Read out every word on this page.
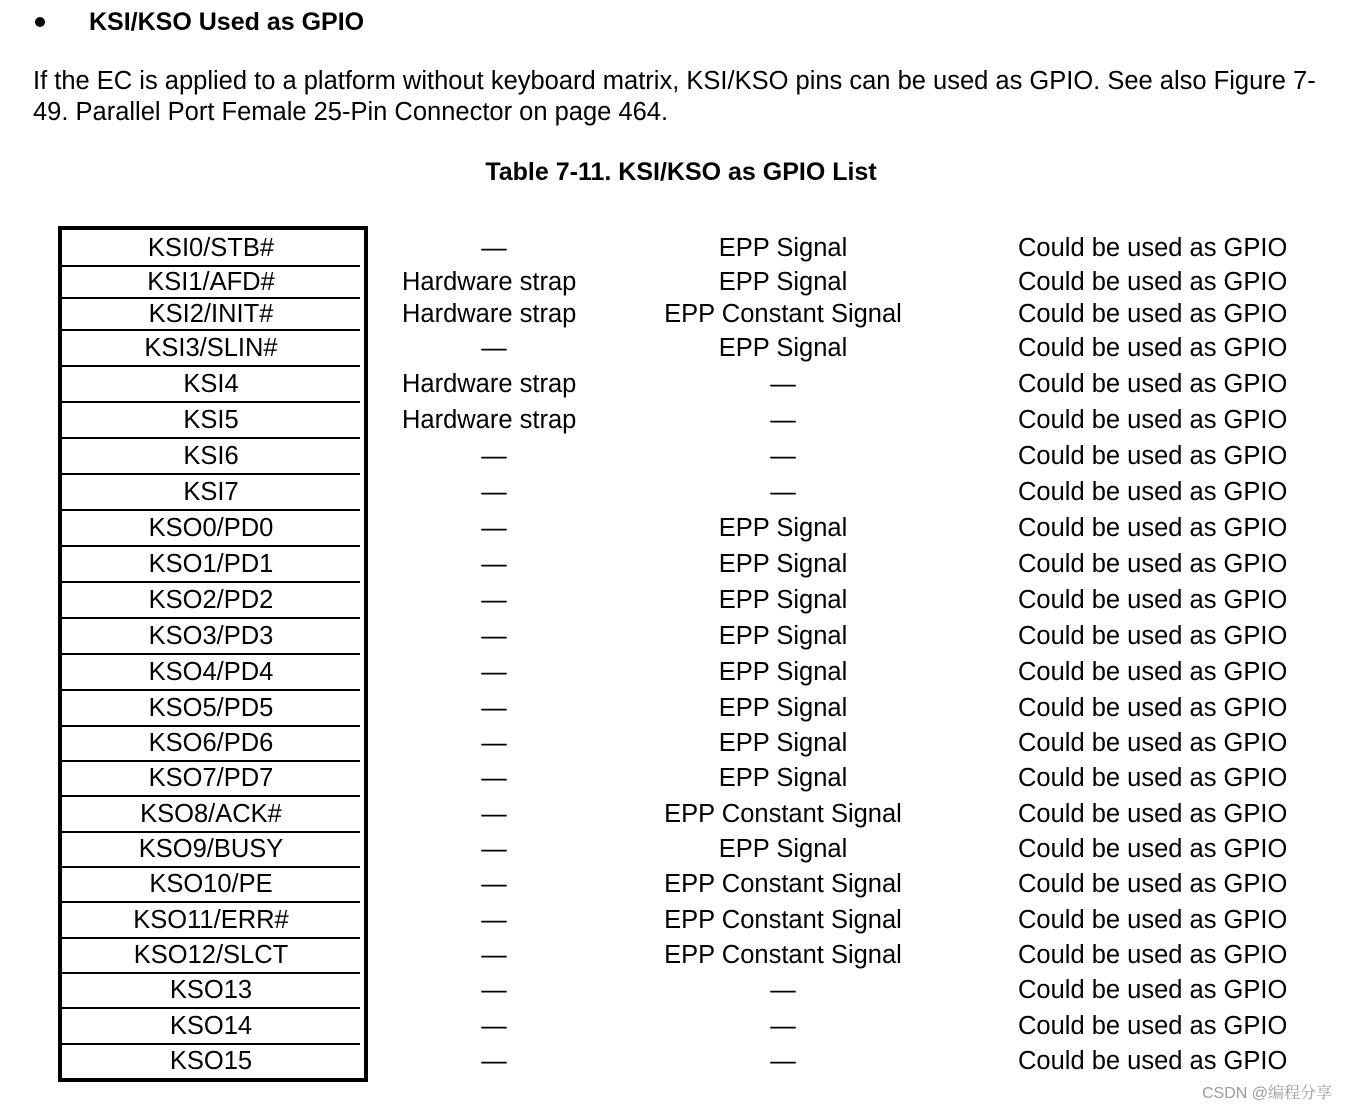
KSI/KSO Used as GPIO
If the EC is applied to a platform without keyboard matrix, KSI/KSO pins can be used as GPIO. See also Figure 7-49. Parallel Port Female 25-Pin Connector on page 464.
Table 7-11. KSI/KSO as GPIO List
KSI0/STB#	—	EPP Signal	Could be used as GPIO
KSI1/AFD#	Hardware strap	EPP Signal	Could be used as GPIO
KSI2/INIT#	Hardware strap	EPP Constant Signal	Could be used as GPIO
KSI3/SLIN#	—	EPP Signal	Could be used as GPIO
KSI4	Hardware strap	—	Could be used as GPIO
KSI5	Hardware strap	—	Could be used as GPIO
KSI6	—	—	Could be used as GPIO
KSI7	—	—	Could be used as GPIO
KSO0/PD0	—	EPP Signal	Could be used as GPIO
KSO1/PD1	—	EPP Signal	Could be used as GPIO
KSO2/PD2	—	EPP Signal	Could be used as GPIO
KSO3/PD3	—	EPP Signal	Could be used as GPIO
KSO4/PD4	—	EPP Signal	Could be used as GPIO
KSO5/PD5	—	EPP Signal	Could be used as GPIO
KSO6/PD6	—	EPP Signal	Could be used as GPIO
KSO7/PD7	—	EPP Signal	Could be used as GPIO
KSO8/ACK#	—	EPP Constant Signal	Could be used as GPIO
KSO9/BUSY	—	EPP Signal	Could be used as GPIO
KSO10/PE	—	EPP Constant Signal	Could be used as GPIO
KSO11/ERR#	—	EPP Constant Signal	Could be used as GPIO
KSO12/SLCT	—	EPP Constant Signal	Could be used as GPIO
KSO13	—	—	Could be used as GPIO
KSO14	—	—	Could be used as GPIO
KSO15	—	—	Could be used as GPIO
CSDN @编程分享
